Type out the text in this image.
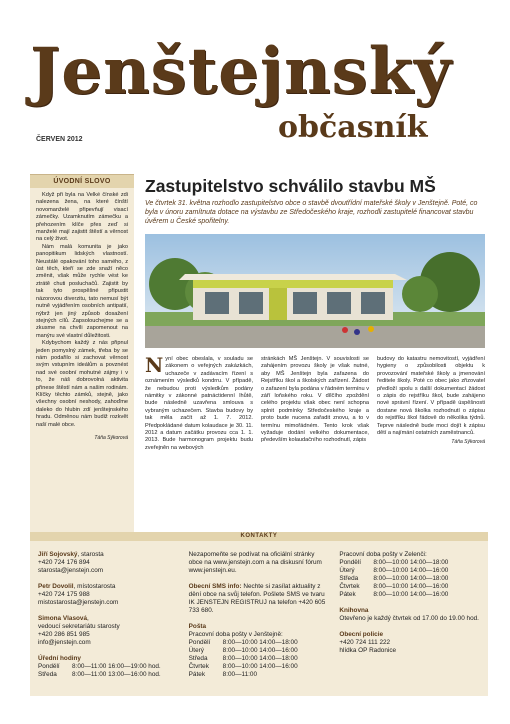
Jenštejnský
občasník
ČERVEN 2012
ÚVODNÍ SLOVO

Když při byla na Velké čínské zdi nalezena žena, na které čínští novomanželé připevňují visací zámečky. Uzamknutím zámečku a přehozením klíče přes zeď si manželé mají zajistit štěstí a věrnost na celý život.

Nám malá komunita je jako panopitikum lidských vlastností. Neustálé opakování toho samého, z úst těch, kteří se zde snaží něco změnit, však může rychle vést ke ztrátě chuti posluchačů. Zajistit by tak tyto prospěšné připustit názorovou diverzitu, tato nemusí být nutně vyjádřením osobních antipatií, nýbrž jen jiný způsob dosažení stejných cílů. Zapsolouchejme se a zkusme na chvíli zapomenout na manýru své vlastní důležitosti.

Kdybychom každý z nás připnul jeden pomyslný zámek, třeba by se nám podařilo si zachovat věrnost svým vstupním ideálům a povznést nad své osobní mohutné zájmy i v to, že náš dobrovolná aktivita přinese štěstí nám a našim rodinám. Klíčky těchto zámků, stejně, jako všechny osobní neshody, zahoďme daleko do hlubin zdí jenštejnského hradu. Odměnou nám budiž rozkvět naší malé obce.

Táňa Sýkorová
Zastupitelstvo schválilo stavbu MŠ
Ve čtvrtek 31. května rozhodlo zastupitelstvo obce o stavbě dvoutřídní mateřské školy v Jenštejně. Poté, co byla v únoru zamítnuta dotace na výstavbu ze Středočeského kraje, rozhodli zastupitelé financovat stavbu úvěrem u České spořitelny.
Nyní obec obeslala, v souladu se zákonem o veřejných zakázkách, uchazeče v zadávacím řízení s oznámením výsledků kondrru. V případě, že nebudou proti výsledkům podány námitky v zákonné patnáctidenní lhůtě, bude následně uzavřena smlouva s vybraným uchazečem. Stavba budovy by tak měla začít až 1. 7. 2012. Předpokládané datum kolaudace je 30. 11. 2012 a datum začátku provozu cca 1. 1. 2013. Bude harmonogram projektu budu zveřejněn na webových
stránkách MŠ Jenštejn. V souvislosti se zahájením provozu školy je však nutné, aby MŠ Jenštejn byla zařazena do Rejstříku škol a školských zařízení. Žádost o zařazení byla podána v řádném termínu v září loňského roku. V dílčího zpoždění celého projektu však obec není schopna splnit podmínky Středočeského kraje a proto bude nucena zařadit znovu, a to v termínu mimořádném. Tento krok však vyžaduje dodání velkého dokumentace, především kolaudačního rozhodnutí, zápis
budovy do katastru nemovitostí, vyjádření hygieny o způsobilosti objektu k provozování mateřské školy a jmenování ředitele školy. Poté co obec jako zřizovatel předloží spolu s další dokumentací žádost o zápis do rejstříku škol, bude zahájeno nové správní řízení. V případě úspěšnosti dostane nová školka rozhodnutí o zápisu do rejstříku škol řádově do několika týdnů. Teprve následně bude moci dojít k zápisu dětí a najímání ostatních zaměstnanců.
Táňa Sýkorová
KONTAKTY
Jiří Sojovský, starosta
+420 724 176 894
starosta@jenstejn.com
Petr Dovolil, místostarosta
+420 724 175 988
mistostarosta@jenstejn.com
Simona Vlasová,
vedoucí sekretariátu starosty
+420 286 851 985
info@jenstejn.com
Úřední hodiny
Pondělí	8:00—11:00 16:00—19:00 hod.
Středa	8:00—11:00 13:00—16:00 hod.
Nezapomeňte se podívat na oficiální stránky obce na www.jenstejn.com a na diskusní fórum www.jenstejn.eu.
Obecní SMS info: Nechte si zasílat aktuality z dění obce na svůj telefon. Pošlete SMS ve tvaru IK JENSTEJN REGISTRUJ na telefon +420 605 733 680.
Pošta
Pracovní doba pošty v Jenštejně:
Pondělí	8:00—10:00 14:00—18:00
Úterý	8:00—10:00 14:00—16:00
Středa	8:00—10:00 14:00—18:00
Čtvrtek	8:00—10:00 14:00—16:00
Pátek	8:00—11:00
Pracovní doba pošty v Zelenči:
Pondělí	8:00—10:00 14:00—18:00
Úterý	8:00—10:00 14:00—16:00
Středa	8:00—10:00 14:00—18:00
Čtvrtek	8:00—10:00 14:00—16:00
Pátek	8:00—10:00 14:00—16:00
Knihovna
Otevřeno je každý čtvrtek od 17.00 do 19.00 hod.
Obecní policie
+420 724 111 222
hlídka OP Radonice
